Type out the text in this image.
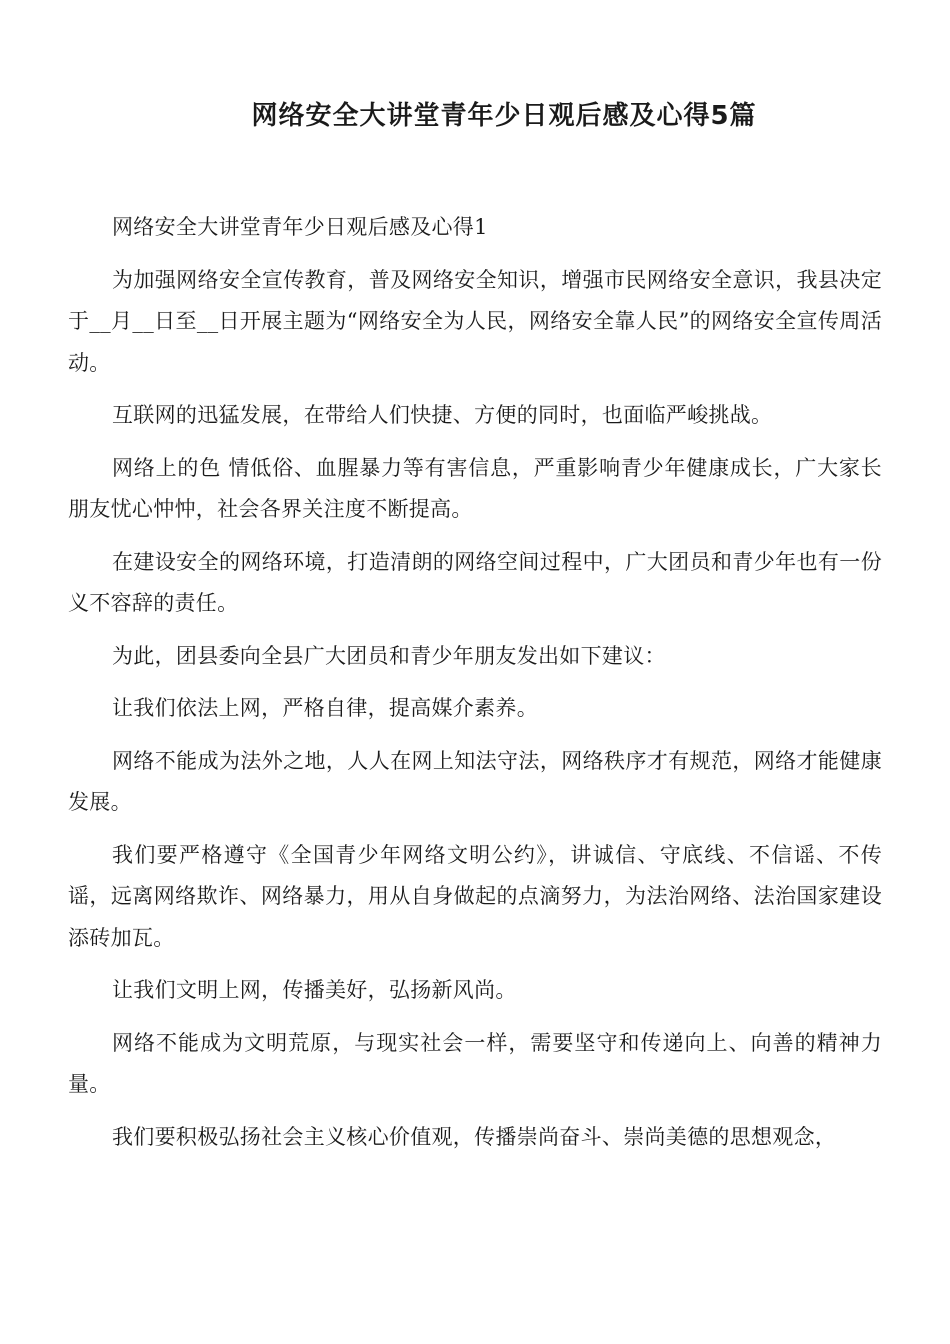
网络安全大讲堂青年少日观后感及心得5篇

网络安全大讲堂青年少日观后感及心得1

为加强网络安全宣传教育，普及网络安全知识，增强市民网络安全意识，我县决定于__月__日至__日开展主题为“网络安全为人民，网络安全靠人民”的网络安全宣传周活动。

互联网的迅猛发展，在带给人们快捷、方便的同时，也面临严峻挑战。

网络上的色 情低俗、血腥暴力等有害信息，严重影响青少年健康成长，广大家长朋友忧心忡忡，社会各界关注度不断提高。

在建设安全的网络环境，打造清朗的网络空间过程中，广大团员和青少年也有一份义不容辞的责任。

为此，团县委向全县广大团员和青少年朋友发出如下建议：

让我们依法上网，严格自律，提高媒介素养。

网络不能成为法外之地，人人在网上知法守法，网络秩序才有规范，网络才能健康发展。

我们要严格遵守《全国青少年网络文明公约》，讲诚信、守底线、不信谣、不传谣，远离网络欺诈、网络暴力，用从自身做起的点滴努力，为法治网络、法治国家建设添砖加瓦。

让我们文明上网，传播美好，弘扬新风尚。

网络不能成为文明荒原，与现实社会一样，需要坚守和传递向上、向善的精神力量。

我们要积极弘扬社会主义核心价值观，传播崇尚奋斗、崇尚美德的思想观念，
